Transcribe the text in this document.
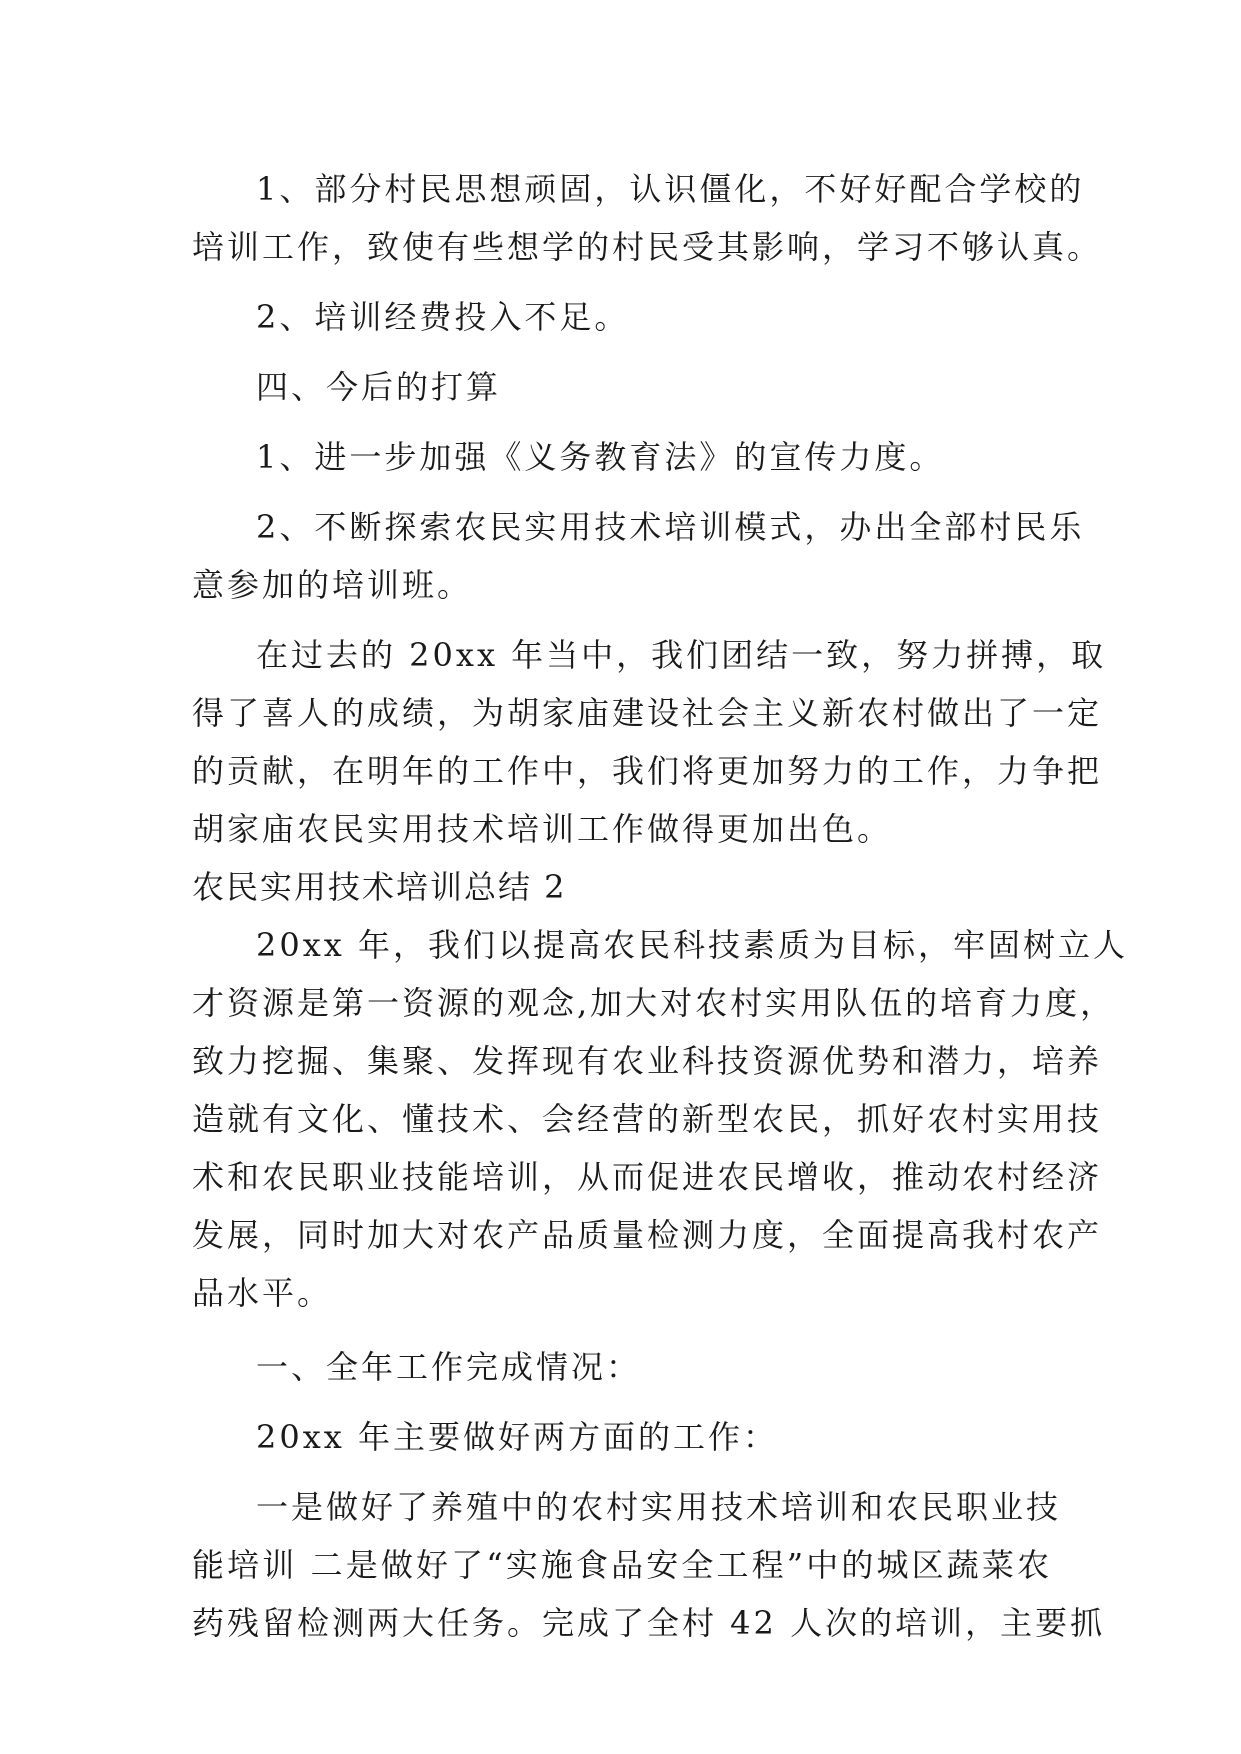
1、部分村民思想顽固，认识僵化，不好好配合学校的
培训工作，致使有些想学的村民受其影响，学习不够认真。
2、培训经费投入不足。
四、今后的打算
1、进一步加强《义务教育法》的宣传力度。
2、不断探索农民实用技术培训模式，办出全部村民乐
意参加的培训班。
在过去的 20xx 年当中，我们团结一致，努力拼搏，取
得了喜人的成绩，为胡家庙建设社会主义新农村做出了一定
的贡献，在明年的工作中，我们将更加努力的工作，力争把
胡家庙农民实用技术培训工作做得更加出色。
农民实用技术培训总结 2
20xx 年，我们以提高农民科技素质为目标，牢固树立人
才资源是第一资源的观念,加大对农村实用队伍的培育力度，
致力挖掘、集聚、发挥现有农业科技资源优势和潜力，培养
造就有文化、懂技术、会经营的新型农民，抓好农村实用技
术和农民职业技能培训，从而促进农民增收，推动农村经济
发展，同时加大对农产品质量检测力度，全面提高我村农产
品水平。
一、全年工作完成情况：
20xx 年主要做好两方面的工作：
一是做好了养殖中的农村实用技术培训和农民职业技
能培训 二是做好了“实施食品安全工程”中的城区蔬菜农
药残留检测两大任务。完成了全村 42 人次的培训，主要抓
